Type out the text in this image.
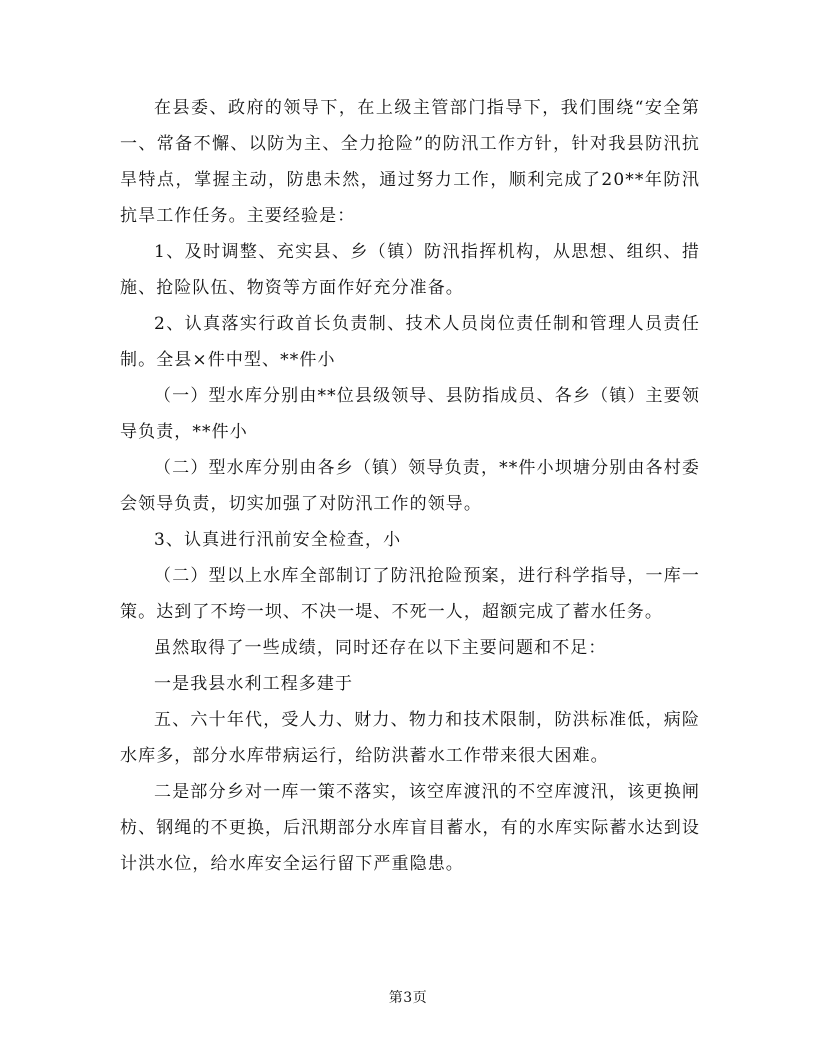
在县委、政府的领导下，在上级主管部门指导下，我们围绕“安全第一、常备不懈、以防为主、全力抢险”的防汛工作方针，针对我县防汛抗旱特点，掌握主动，防患未然，通过努力工作，顺利完成了20**年防汛抗旱工作任务。主要经验是：

1、及时调整、充实县、乡（镇）防汛指挥机构，从思想、组织、措施、抢险队伍、物资等方面作好充分准备。

2、认真落实行政首长负责制、技术人员岗位责任制和管理人员责任制。全县×件中型、**件小

（一）型水库分别由**位县级领导、县防指成员、各乡（镇）主要领导负责，**件小

（二）型水库分别由各乡（镇）领导负责，**件小坝塘分别由各村委会领导负责，切实加强了对防汛工作的领导。

3、认真进行汛前安全检查，小

（二）型以上水库全部制订了防汛抢险预案，进行科学指导，一库一策。达到了不垮一坝、不决一堤、不死一人，超额完成了蓄水任务。

虽然取得了一些成绩，同时还存在以下主要问题和不足：

一是我县水利工程多建于

五、六十年代，受人力、财力、物力和技术限制，防洪标准低，病险水库多，部分水库带病运行，给防洪蓄水工作带来很大困难。

二是部分乡对一库一策不落实，该空库渡汛的不空库渡汛，该更换闸枋、钢绳的不更换，后汛期部分水库盲目蓄水，有的水库实际蓄水达到设计洪水位，给水库安全运行留下严重隐患。

第3页
